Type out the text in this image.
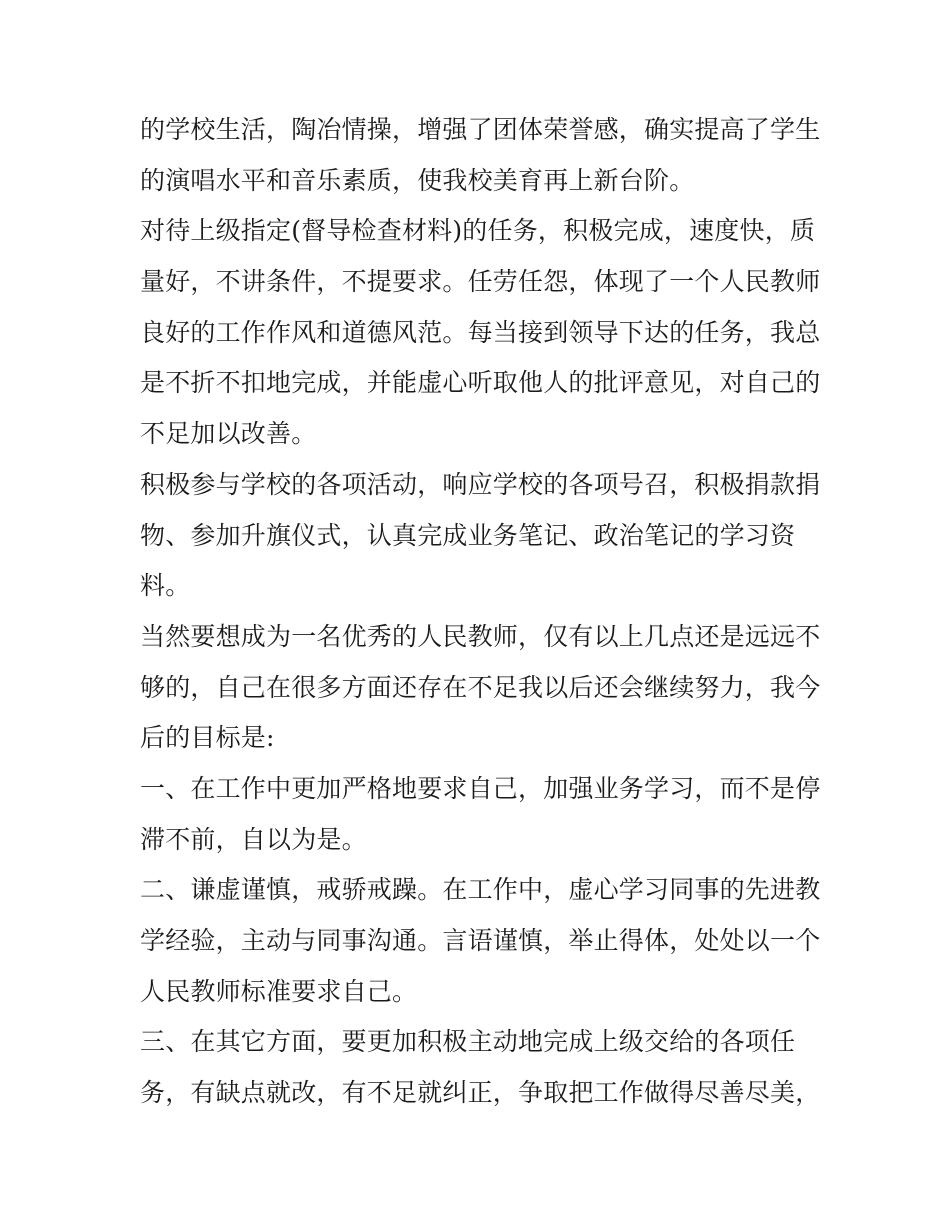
的学校生活，陶冶情操，增强了团体荣誉感，确实提高了学生
的演唱水平和音乐素质，使我校美育再上新台阶。
对待上级指定(督导检查材料)的任务，积极完成，速度快，质
量好，不讲条件，不提要求。任劳任怨，体现了一个人民教师
良好的工作作风和道德风范。每当接到领导下达的任务，我总
是不折不扣地完成，并能虚心听取他人的批评意见，对自己的
不足加以改善。
积极参与学校的各项活动，响应学校的各项号召，积极捐款捐
物、参加升旗仪式，认真完成业务笔记、政治笔记的学习资
料。
当然要想成为一名优秀的人民教师，仅有以上几点还是远远不
够的，自己在很多方面还存在不足我以后还会继续努力，我今
后的目标是:
一、在工作中更加严格地要求自己，加强业务学习，而不是停
滞不前，自以为是。
二、谦虚谨慎，戒骄戒躁。在工作中，虚心学习同事的先进教
学经验，主动与同事沟通。言语谨慎，举止得体，处处以一个
人民教师标准要求自己。
三、在其它方面，要更加积极主动地完成上级交给的各项任
务，有缺点就改，有不足就纠正，争取把工作做得尽善尽美，
